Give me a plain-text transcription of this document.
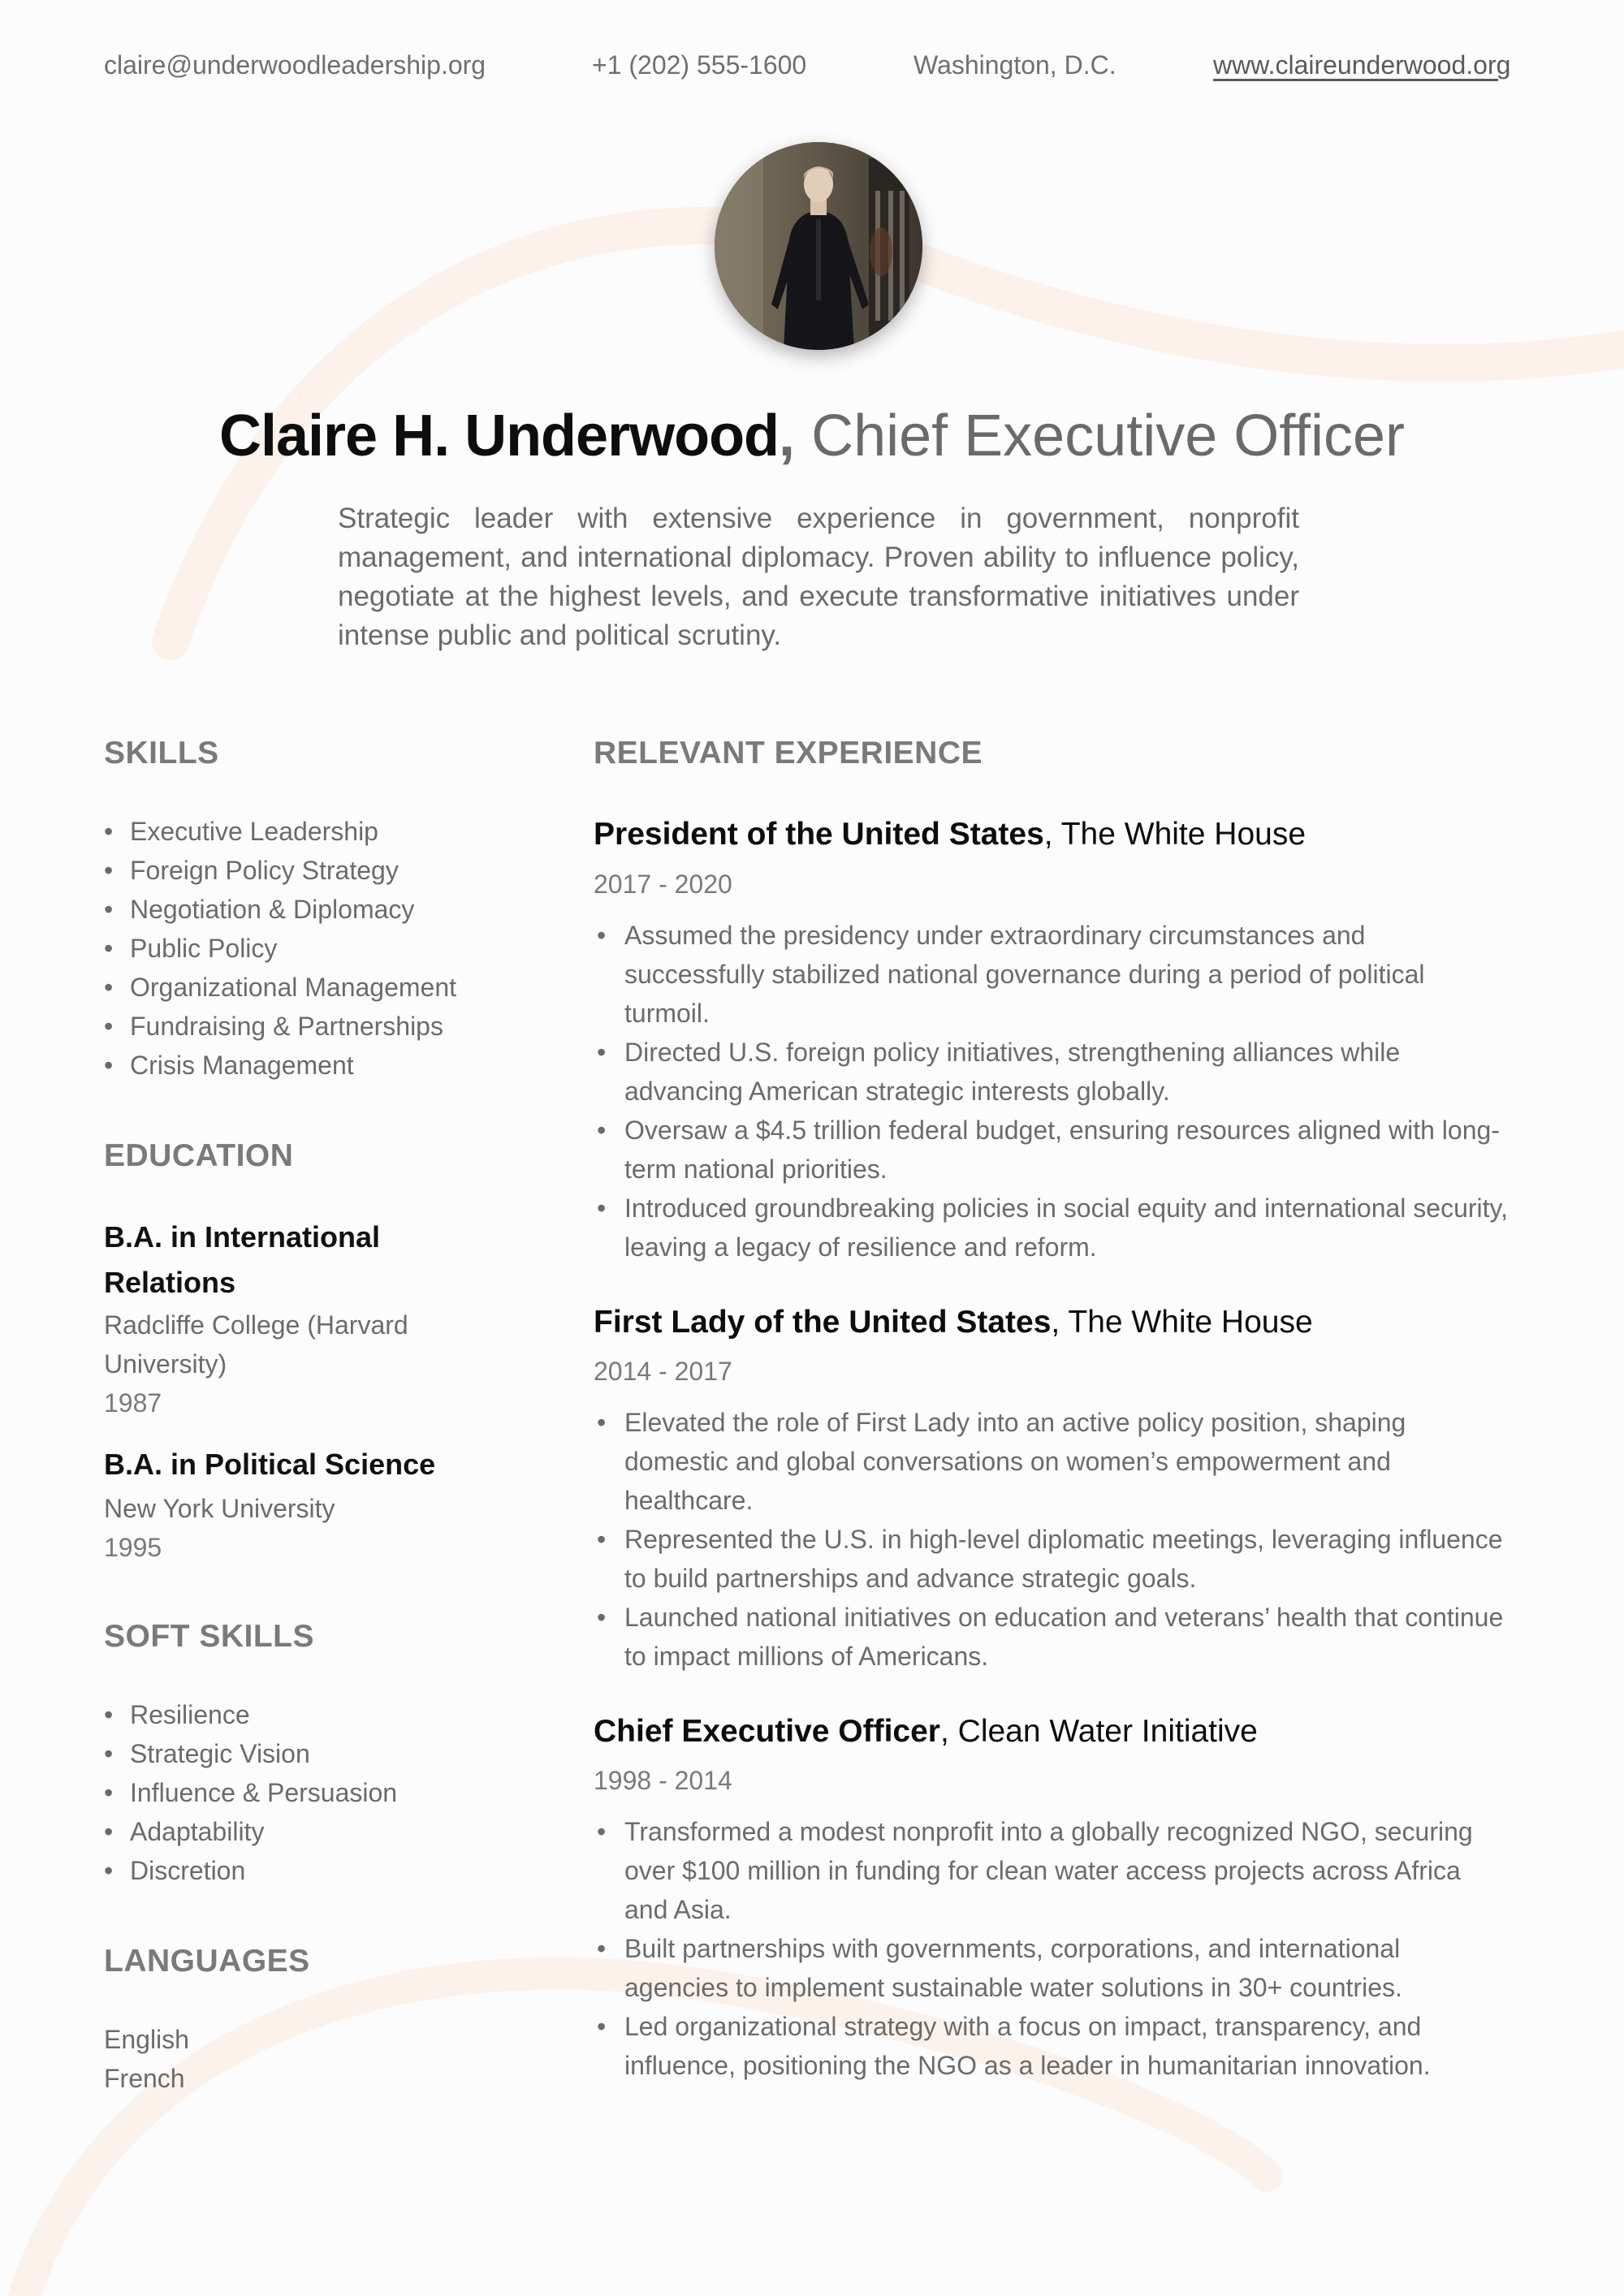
claire@underwoodleadership.org	+1 (202) 555-1600	Washington, D.C.	www.claireunderwood.org
Claire H. Underwood, Chief Executive Officer
Strategic leader with extensive experience in government, nonprofit management, and international diplomacy. Proven ability to influence policy, negotiate at the highest levels, and execute transformative initiatives under intense public and political scrutiny.
SKILLS
• Executive Leadership
• Foreign Policy Strategy
• Negotiation & Diplomacy
• Public Policy
• Organizational Management
• Fundraising & Partnerships
• Crisis Management
EDUCATION
B.A. in International Relations
Radcliffe College (Harvard University)
1987
B.A. in Political Science
New York University
1995
SOFT SKILLS
• Resilience
• Strategic Vision
• Influence & Persuasion
• Adaptability
• Discretion
LANGUAGES
English
French
RELEVANT EXPERIENCE
President of the United States, The White House
2017 - 2020
• Assumed the presidency under extraordinary circumstances and successfully stabilized national governance during a period of political turmoil.
• Directed U.S. foreign policy initiatives, strengthening alliances while advancing American strategic interests globally.
• Oversaw a $4.5 trillion federal budget, ensuring resources aligned with long-term national priorities.
• Introduced groundbreaking policies in social equity and international security, leaving a legacy of resilience and reform.
First Lady of the United States, The White House
2014 - 2017
• Elevated the role of First Lady into an active policy position, shaping domestic and global conversations on women’s empowerment and healthcare.
• Represented the U.S. in high-level diplomatic meetings, leveraging influence to build partnerships and advance strategic goals.
• Launched national initiatives on education and veterans’ health that continue to impact millions of Americans.
Chief Executive Officer, Clean Water Initiative
1998 - 2014
• Transformed a modest nonprofit into a globally recognized NGO, securing over $100 million in funding for clean water access projects across Africa and Asia.
• Built partnerships with governments, corporations, and international agencies to implement sustainable water solutions in 30+ countries.
• Led organizational strategy with a focus on impact, transparency, and influence, positioning the NGO as a leader in humanitarian innovation.
